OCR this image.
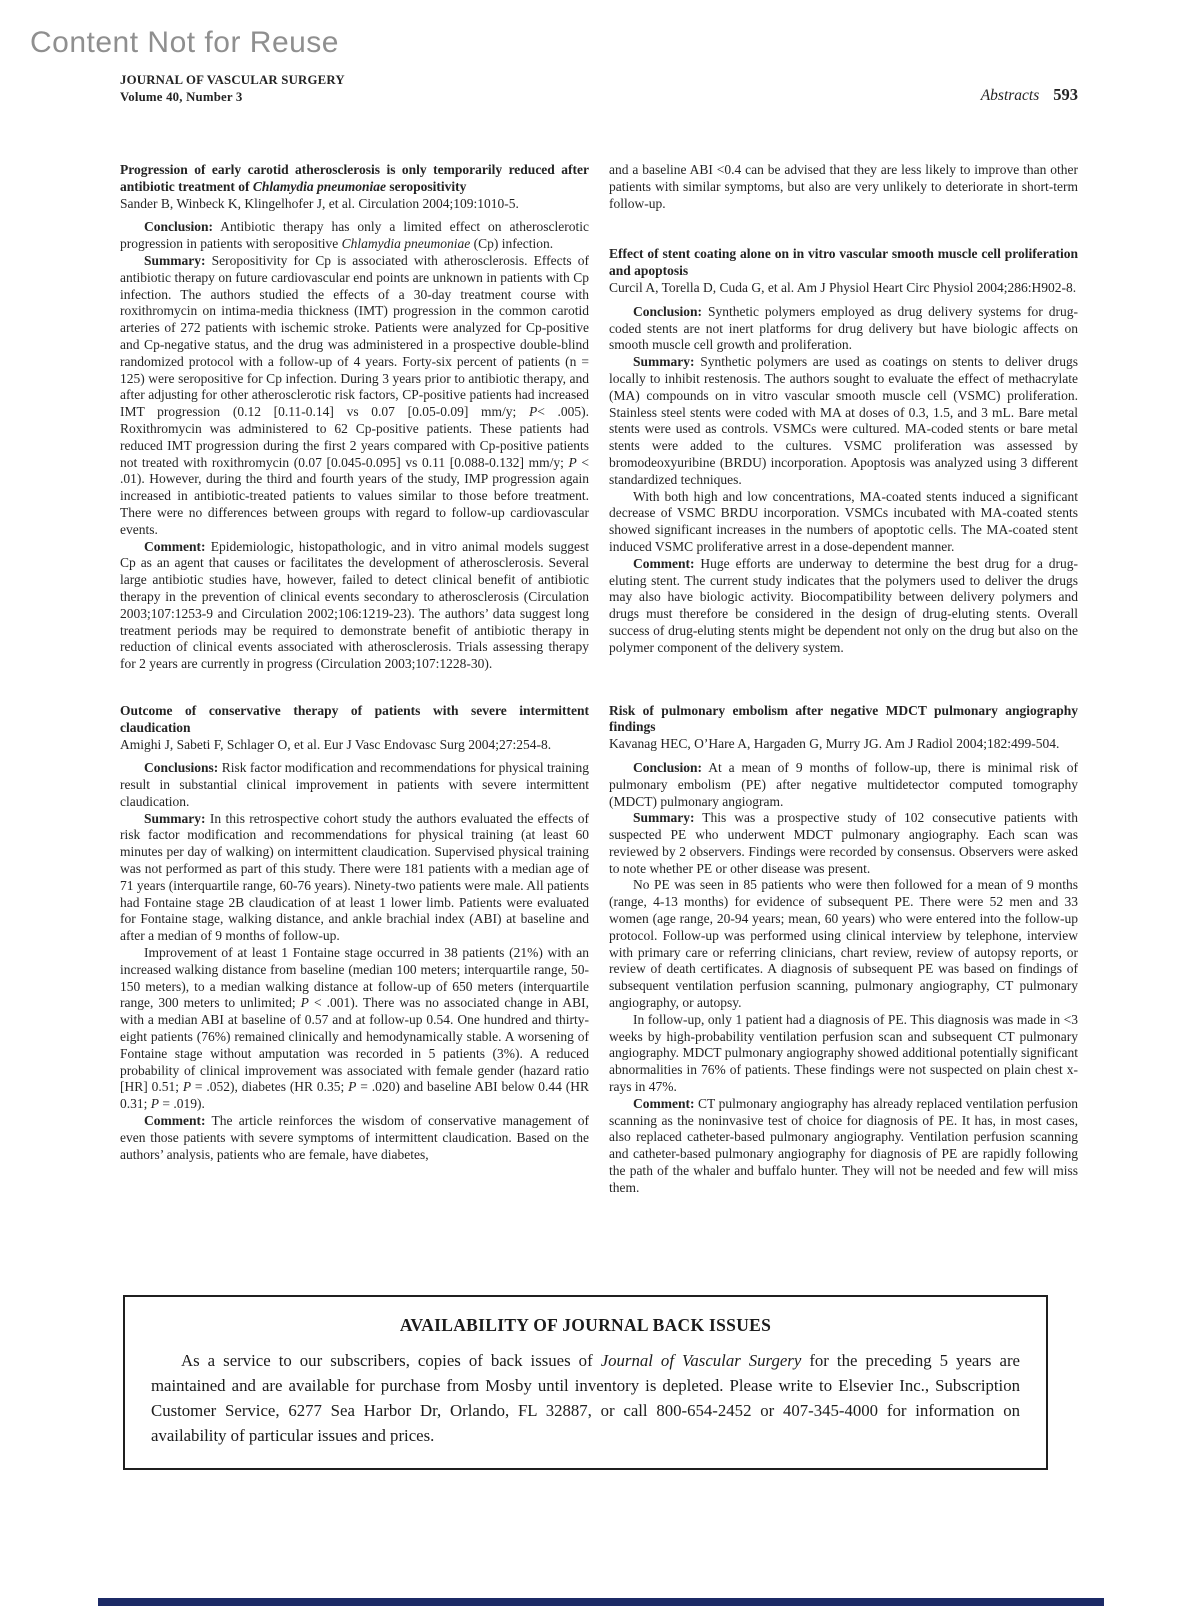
Content Not for Reuse
JOURNAL OF VASCULAR SURGERY
Volume 40, Number 3	Abstracts 593
Progression of early carotid atherosclerosis is only temporarily reduced after antibiotic treatment of Chlamydia pneumoniae seropositivity
Sander B, Winbeck K, Klingelhofer J, et al. Circulation 2004;109:1010-5.

Conclusion: Antibiotic therapy has only a limited effect on atherosclerotic progression in patients with seropositive Chlamydia pneumoniae (Cp) infection.

Summary: Seropositivity for Cp is associated with atherosclerosis. Effects of antibiotic therapy on future cardiovascular end points are unknown in patients with Cp infection. The authors studied the effects of a 30-day treatment course with roxithromycin on intima-media thickness (IMT) progression in the common carotid arteries of 272 patients with ischemic stroke. Patients were analyzed for Cp-positive and Cp-negative status, and the drug was administered in a prospective double-blind randomized protocol with a follow-up of 4 years. Forty-six percent of patients (n = 125) were seropositive for Cp infection. During 3 years prior to antibiotic therapy, and after adjusting for other atherosclerotic risk factors, CP-positive patients had increased IMT progression (0.12 [0.11-0.14] vs 0.07 [0.05-0.09] mm/y; P< .005). Roxithromycin was administered to 62 Cp-positive patients. These patients had reduced IMT progression during the first 2 years compared with Cp-positive patients not treated with roxithromycin (0.07 [0.045-0.095] vs 0.11 [0.088-0.132] mm/y; P < .01). However, during the third and fourth years of the study, IMP progression again increased in antibiotic-treated patients to values similar to those before treatment. There were no differences between groups with regard to follow-up cardiovascular events.

Comment: Epidemiologic, histopathologic, and in vitro animal models suggest Cp as an agent that causes or facilitates the development of atherosclerosis. Several large antibiotic studies have, however, failed to detect clinical benefit of antibiotic therapy in the prevention of clinical events secondary to atherosclerosis (Circulation 2003;107:1253-9 and Circulation 2002;106:1219-23). The authors’ data suggest long treatment periods may be required to demonstrate benefit of antibiotic therapy in reduction of clinical events associated with atherosclerosis. Trials assessing therapy for 2 years are currently in progress (Circulation 2003;107:1228-30).

Outcome of conservative therapy of patients with severe intermittent claudication
Amighi J, Sabeti F, Schlager O, et al. Eur J Vasc Endovasc Surg 2004;27:254-8.

Conclusions: Risk factor modification and recommendations for physical training result in substantial clinical improvement in patients with severe intermittent claudication.

Summary: In this retrospective cohort study the authors evaluated the effects of risk factor modification and recommendations for physical training (at least 60 minutes per day of walking) on intermittent claudication. Supervised physical training was not performed as part of this study. There were 181 patients with a median age of 71 years (interquartile range, 60-76 years). Ninety-two patients were male. All patients had Fontaine stage 2B claudication of at least 1 lower limb. Patients were evaluated for Fontaine stage, walking distance, and ankle brachial index (ABI) at baseline and after a median of 9 months of follow-up.

Improvement of at least 1 Fontaine stage occurred in 38 patients (21%) with an increased walking distance from baseline (median 100 meters; interquartile range, 50-150 meters), to a median walking distance at follow-up of 650 meters (interquartile range, 300 meters to unlimited; P < .001). There was no associated change in ABI, with a median ABI at baseline of 0.57 and at follow-up 0.54. One hundred and thirty-eight patients (76%) remained clinically and hemodynamically stable. A worsening of Fontaine stage without amputation was recorded in 5 patients (3%). A reduced probability of clinical improvement was associated with female gender (hazard ratio [HR] 0.51; P = .052), diabetes (HR 0.35; P = .020) and baseline ABI below 0.44 (HR 0.31; P = .019).

Comment: The article reinforces the wisdom of conservative management of even those patients with severe symptoms of intermittent claudication. Based on the authors’ analysis, patients who are female, have diabetes,

and a baseline ABI <0.4 can be advised that they are less likely to improve than other patients with similar symptoms, but also are very unlikely to deteriorate in short-term follow-up.

Effect of stent coating alone on in vitro vascular smooth muscle cell proliferation and apoptosis
Curcil A, Torella D, Cuda G, et al. Am J Physiol Heart Circ Physiol 2004;286:H902-8.

Conclusion: Synthetic polymers employed as drug delivery systems for drug-coded stents are not inert platforms for drug delivery but have biologic affects on smooth muscle cell growth and proliferation.

Summary: Synthetic polymers are used as coatings on stents to deliver drugs locally to inhibit restenosis. The authors sought to evaluate the effect of methacrylate (MA) compounds on in vitro vascular smooth muscle cell (VSMC) proliferation. Stainless steel stents were coded with MA at doses of 0.3, 1.5, and 3 mL. Bare metal stents were used as controls. VSMCs were cultured. MA-coded stents or bare metal stents were added to the cultures. VSMC proliferation was assessed by bromodeoxyuribine (BRDU) incorporation. Apoptosis was analyzed using 3 different standardized techniques.

With both high and low concentrations, MA-coated stents induced a significant decrease of VSMC BRDU incorporation. VSMCs incubated with MA-coated stents showed significant increases in the numbers of apoptotic cells. The MA-coated stent induced VSMC proliferative arrest in a dose-dependent manner.

Comment: Huge efforts are underway to determine the best drug for a drug-eluting stent. The current study indicates that the polymers used to deliver the drugs may also have biologic activity. Biocompatibility between delivery polymers and drugs must therefore be considered in the design of drug-eluting stents. Overall success of drug-eluting stents might be dependent not only on the drug but also on the polymer component of the delivery system.

Risk of pulmonary embolism after negative MDCT pulmonary angiography findings
Kavanag HEC, O’Hare A, Hargaden G, Murry JG. Am J Radiol 2004;182:499-504.

Conclusion: At a mean of 9 months of follow-up, there is minimal risk of pulmonary embolism (PE) after negative multidetector computed tomography (MDCT) pulmonary angiogram.

Summary: This was a prospective study of 102 consecutive patients with suspected PE who underwent MDCT pulmonary angiography. Each scan was reviewed by 2 observers. Findings were recorded by consensus. Observers were asked to note whether PE or other disease was present.

No PE was seen in 85 patients who were then followed for a mean of 9 months (range, 4-13 months) for evidence of subsequent PE. There were 52 men and 33 women (age range, 20-94 years; mean, 60 years) who were entered into the follow-up protocol. Follow-up was performed using clinical interview by telephone, interview with primary care or referring clinicians, chart review, review of autopsy reports, or review of death certificates. A diagnosis of subsequent PE was based on findings of subsequent ventilation perfusion scanning, pulmonary angiography, CT pulmonary angiography, or autopsy.

In follow-up, only 1 patient had a diagnosis of PE. This diagnosis was made in <3 weeks by high-probability ventilation perfusion scan and subsequent CT pulmonary angiography. MDCT pulmonary angiography showed additional potentially significant abnormalities in 76% of patients. These findings were not suspected on plain chest x-rays in 47%.

Comment: CT pulmonary angiography has already replaced ventilation perfusion scanning as the noninvasive test of choice for diagnosis of PE. It has, in most cases, also replaced catheter-based pulmonary angiography. Ventilation perfusion scanning and catheter-based pulmonary angiography for diagnosis of PE are rapidly following the path of the whaler and buffalo hunter. They will not be needed and few will miss them.

AVAILABILITY OF JOURNAL BACK ISSUES
As a service to our subscribers, copies of back issues of Journal of Vascular Surgery for the preceding 5 years are maintained and are available for purchase from Mosby until inventory is depleted. Please write to Elsevier Inc., Subscription Customer Service, 6277 Sea Harbor Dr, Orlando, FL 32887, or call 800-654-2452 or 407-345-4000 for information on availability of particular issues and prices.
